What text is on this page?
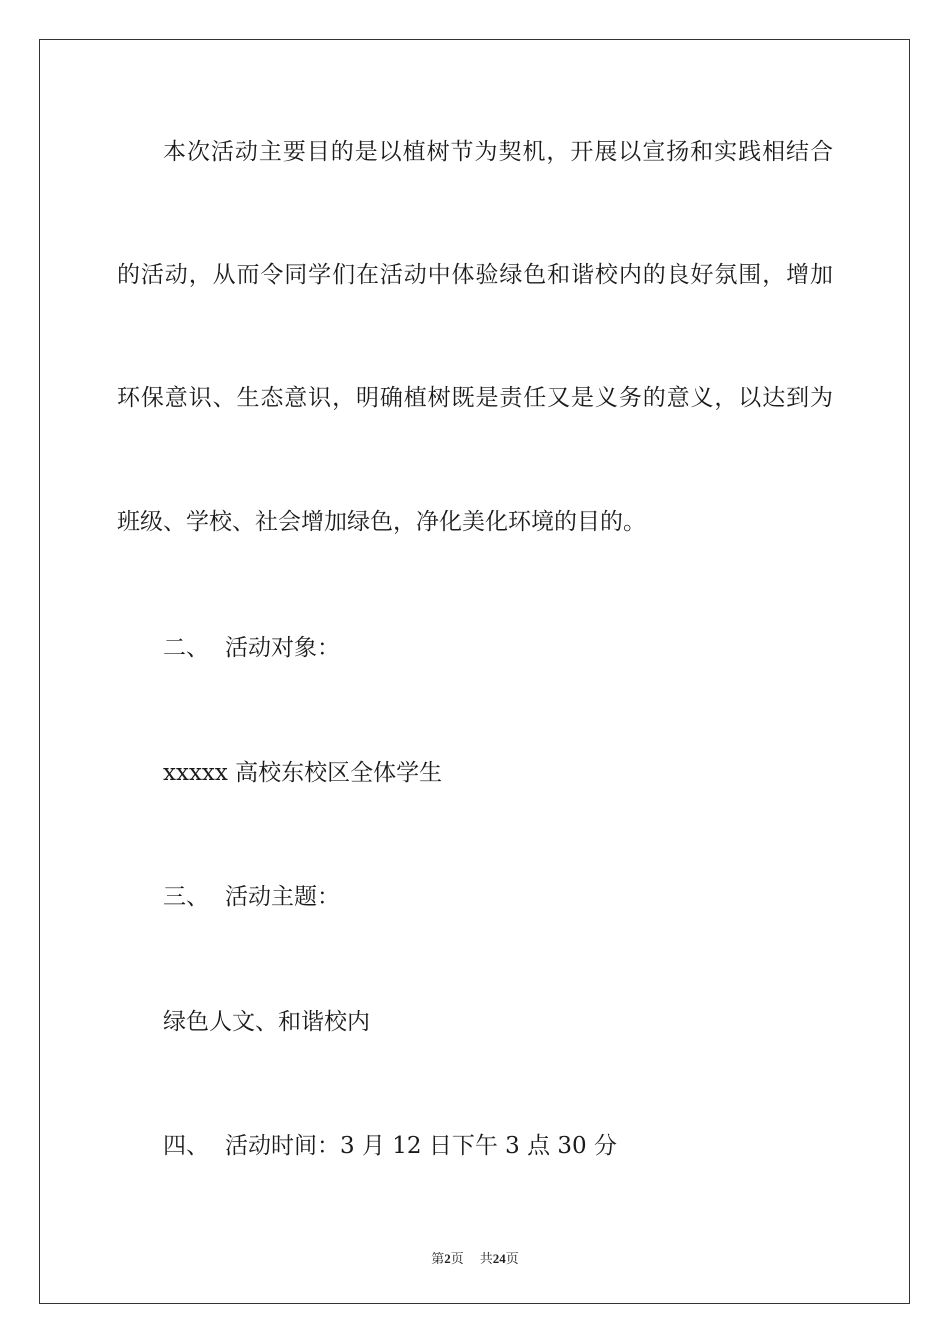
本次活动主要目的是以植树节为契机，开展以宣扬和实践相结合
的活动，从而令同学们在活动中体验绿色和谐校内的良好氛围，增加
环保意识、生态意识，明确植树既是责任又是义务的意义，以达到为
班级、学校、社会增加绿色，净化美化环境的目的。
二、 活动对象：
xxxxx 高校东校区全体学生
三、 活动主题：
绿色人文、和谐校内
四、 活动时间：3 月 12 日下午 3 点 30 分
第2页 共24页
